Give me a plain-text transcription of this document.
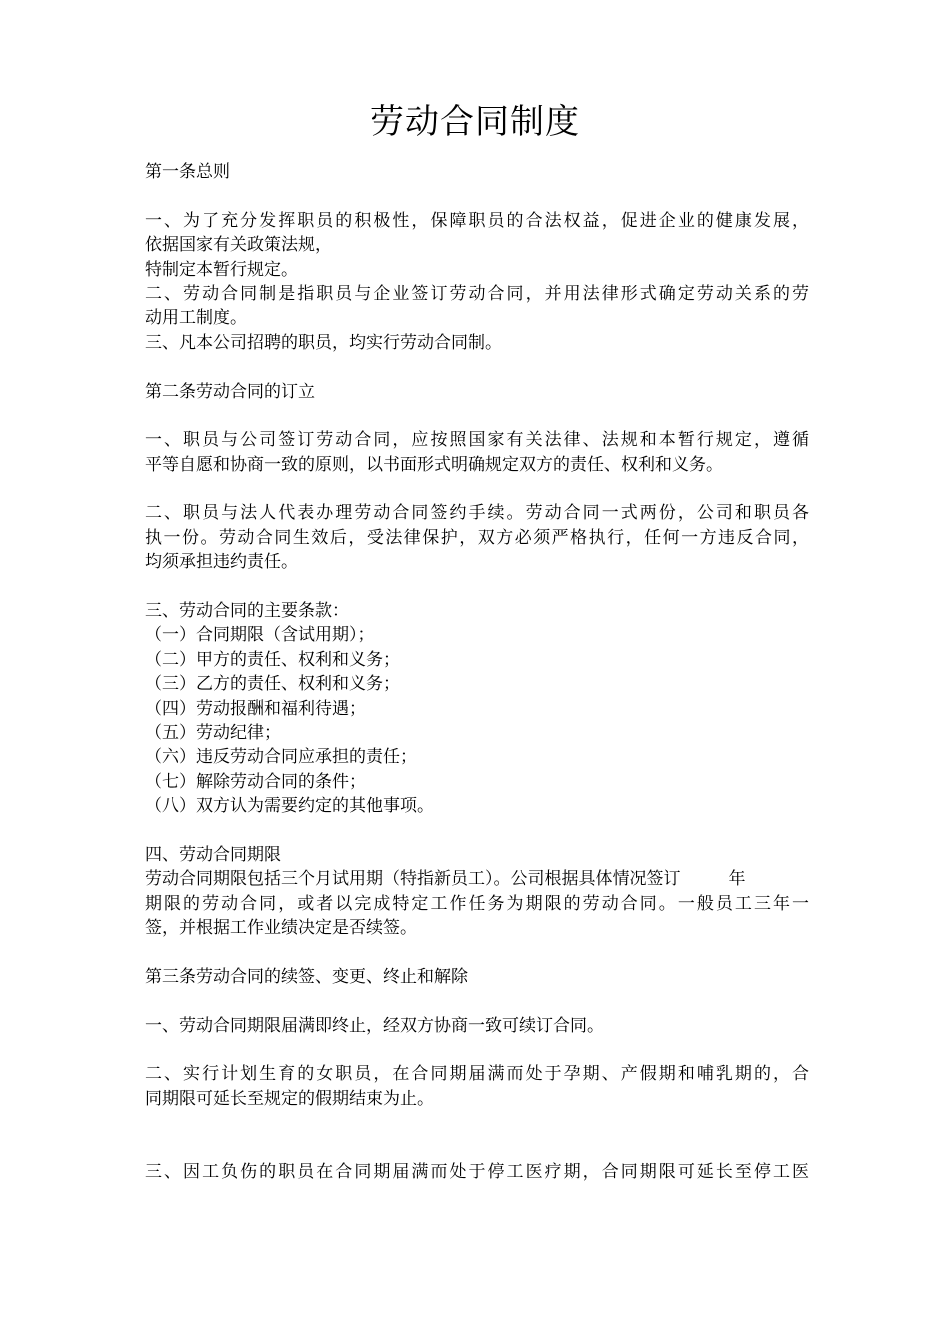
劳动合同制度
第一条总则
一、为了充分发挥职员的积极性，保障职员的合法权益，促进企业的健康发展，
依据国家有关政策法规，
特制定本暂行规定。
二、劳动合同制是指职员与企业签订劳动合同，并用法律形式确定劳动关系的劳
动用工制度。
三、凡本公司招聘的职员，均实行劳动合同制。
第二条劳动合同的订立
一、职员与公司签订劳动合同，应按照国家有关法律、法规和本暂行规定，遵循
平等自愿和协商一致的原则，以书面形式明确规定双方的责任、权利和义务。
二、职员与法人代表办理劳动合同签约手续。劳动合同一式两份，公司和职员各
执一份。劳动合同生效后，受法律保护，双方必须严格执行，任何一方违反合同，
均须承担违约责任。
三、劳动合同的主要条款：
（一）合同期限（含试用期）；
（二）甲方的责任、权利和义务；
（三）乙方的责任、权利和义务；
（四）劳动报酬和福利待遇；
（五）劳动纪律；
（六）违反劳动合同应承担的责任；
（七）解除劳动合同的条件；
（八）双方认为需要约定的其他事项。
四、劳动合同期限
劳动合同期限包括三个月试用期（特指新员工）。公司根据具体情况签订	年
期限的劳动合同，或者以完成特定工作任务为期限的劳动合同。一般员工三年一
签，并根据工作业绩决定是否续签。
第三条劳动合同的续签、变更、终止和解除
一、劳动合同期限届满即终止，经双方协商一致可续订合同。
二、实行计划生育的女职员，在合同期届满而处于孕期、产假期和哺乳期的，合
同期限可延长至规定的假期结束为止。
三、因工负伤的职员在合同期届满而处于停工医疗期，合同期限可延长至停工医
